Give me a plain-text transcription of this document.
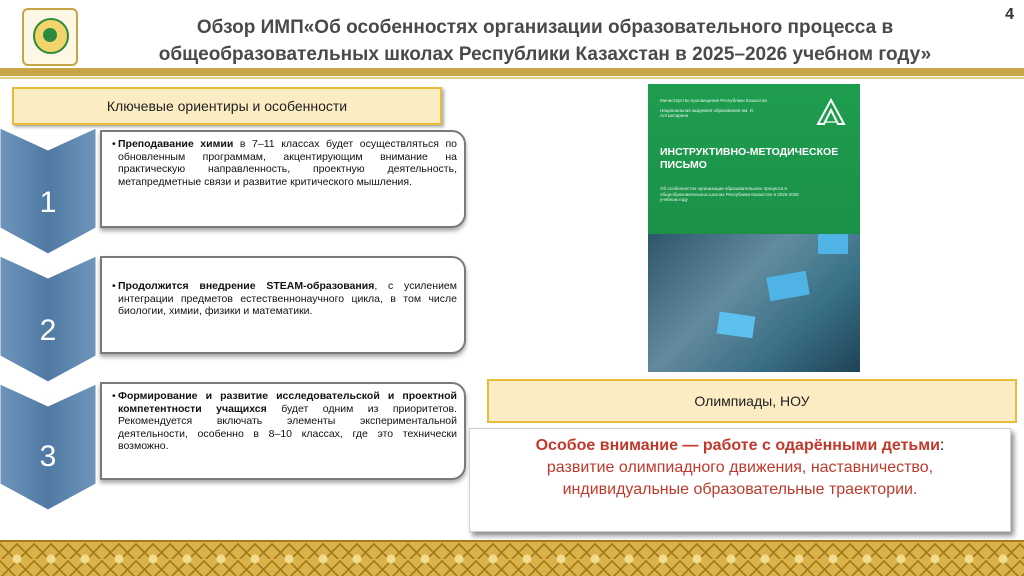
Обзор ИМП«Об особенностях организации образовательного процесса в
общеобразовательных школах Республики Казахстан в 2025–2026 учебном году»
4
Ключевые ориентиры и особенности
1
• Преподавание химии в 7–11 классах будет осуществляться по обновленным программам, акцентирующим внимание на практическую направленность, проектную деятельность, метапредметные связи и развитие критического мышления.
2
• Продолжится внедрение STEAM-образования, с усилением интеграции предметов естественнонаучного цикла, в том числе биологии, химии, физики и математики.
3
• Формирование и развитие исследовательской и проектной компетентности учащихся будет одним из приоритетов. Рекомендуется включать элементы экспериментальной деятельности, особенно в 8–10 классах, где это технически возможно.
Министерство просвещения Республики Казахстан
Национальная академия образования им. И. Алтынсарина
ИНСТРУКТИВНО-МЕТОДИЧЕСКОЕ ПИСЬМО
Об особенностях организации образовательного процесса в общеобразовательных школах Республики Казахстан в 2025-2026 учебном году
Олимпиады, НОУ
Особое внимание — работе с одарёнными детьми:
развитие олимпиадного движения, наставничество,
индивидуальные образовательные траектории.
